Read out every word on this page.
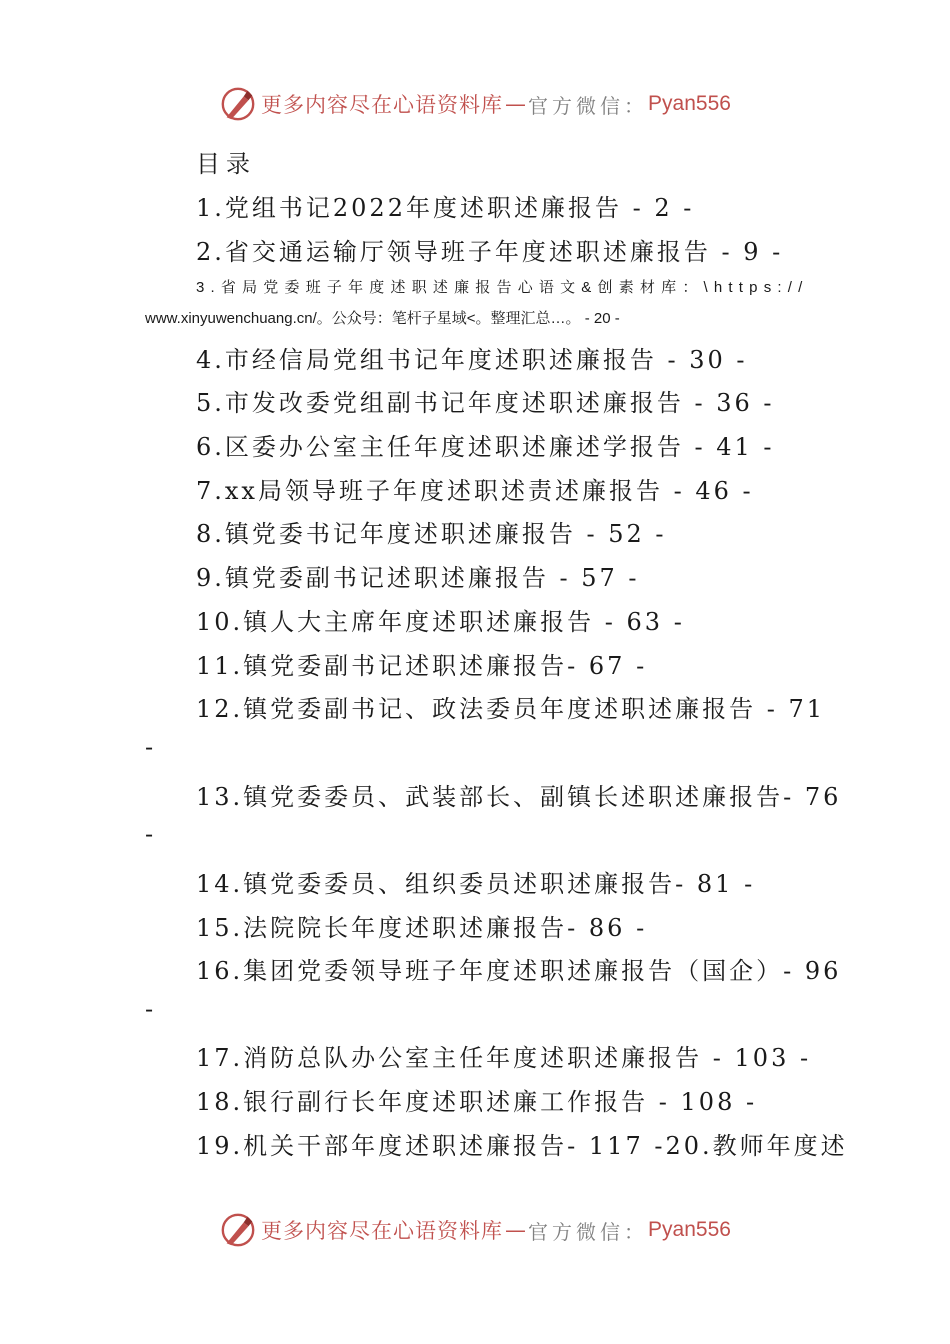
更多内容尽在心语资料库 — 官方微信： Pyan556
目录
1.党组书记2022年度述职述廉报告 - 2 -
2.省交通运输厅领导班子年度述职述廉报告 - 9 -
3.省局党委班子年度述职述廉报告心语文&创素材库：\https://
www.xinyuwenchuang.cn/。公众号：笔杆子星域<。整理汇总…。 - 20 -
4.市经信局党组书记年度述职述廉报告 - 30 -
5.市发改委党组副书记年度述职述廉报告 - 36 -
6.区委办公室主任年度述职述廉述学报告 - 41 -
7.xx局领导班子年度述职述责述廉报告 - 46 -
8.镇党委书记年度述职述廉报告 - 52 -
9.镇党委副书记述职述廉报告 - 57 -
10.镇人大主席年度述职述廉报告 - 63 -
11.镇党委副书记述职述廉报告- 67 -
12.镇党委副书记、政法委员年度述职述廉报告 - 71
-
13.镇党委委员、武装部长、副镇长述职述廉报告- 76
-
14.镇党委委员、组织委员述职述廉报告- 81 -
15.法院院长年度述职述廉报告- 86 -
16.集团党委领导班子年度述职述廉报告（国企）- 96
-
17.消防总队办公室主任年度述职述廉报告 - 103 -
18.银行副行长年度述职述廉工作报告 - 108 -
19.机关干部年度述职述廉报告- 117 -20.教师年度述
更多内容尽在心语资料库 — 官方微信： Pyan556
